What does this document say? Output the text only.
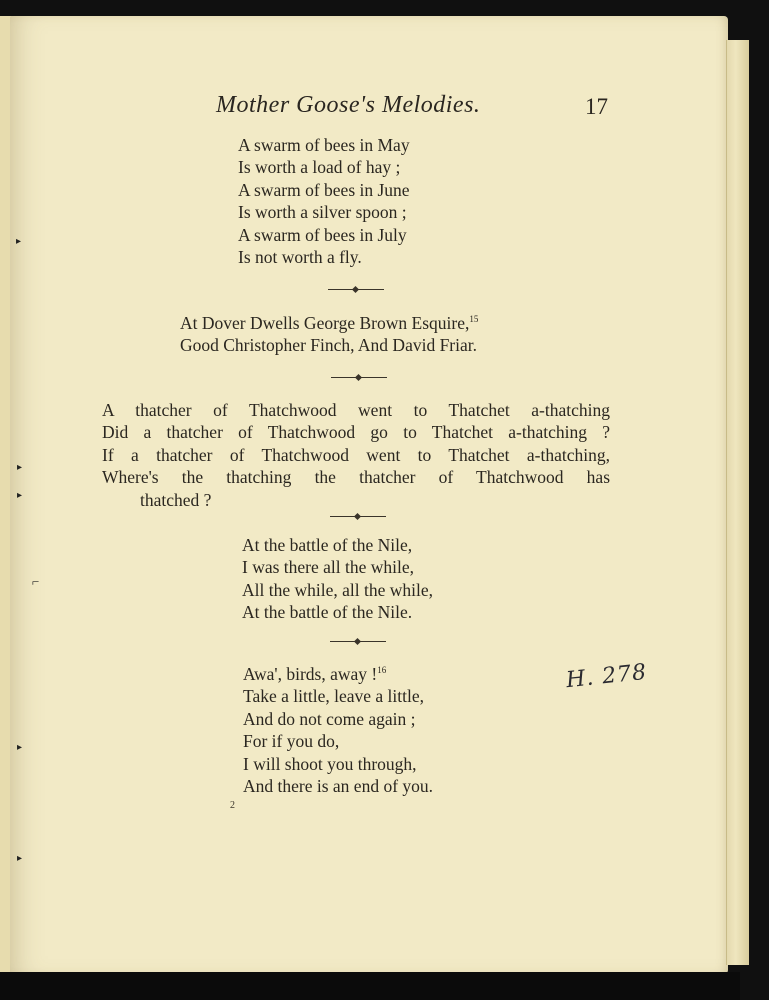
Mother Goose's Melodies.	17
A swarm of bees in May
Is worth a load of hay ;
A swarm of bees in June
Is worth a silver spoon ;
A swarm of bees in July
Is not worth a fly.
At Dover Dwells George Brown Esquire,$^{15}$
Good Christopher Finch, And David Friar.
A thatcher of Thatchwood went to Thatchet a-thatching
Did a thatcher of Thatchwood go to Thatchet a-thatching ?
If a thatcher of Thatchwood went to Thatchet a-thatching,
Where's the thatching the thatcher of Thatchwood has
thatched ?
At the battle of the Nile,
I was there all the while,
All the while, all the while,
At the battle of the Nile.
Awa', birds, away !$^{16}$
Take a little, leave a little,
And do not come again ;
For if you do,
I will shoot you through,
And there is an end of you.
H. 278
2
▸
▸
▸
▸
▸
⌐
